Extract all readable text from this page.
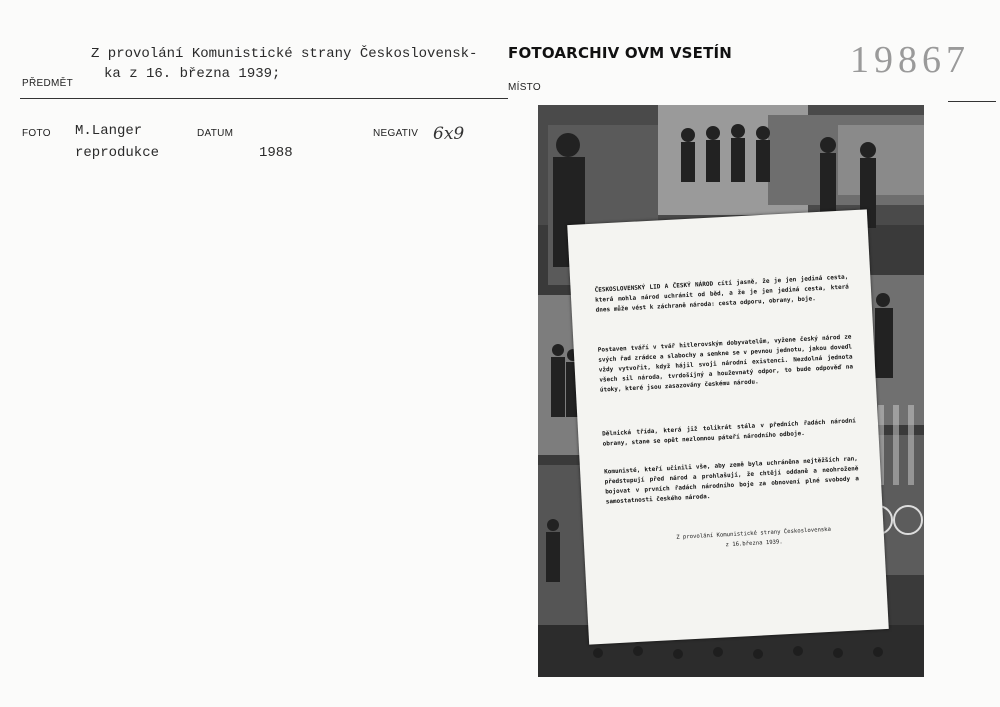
Z provolání Komunistické strany Československ-
ka z 16. března 1939;
PŘEDMĚT
FOTOARCHIV OVM VSETÍN	19867
MÍSTO
FOTO M.Langer
reprodukce
DATUM
1988
NEGATIV 6x9

ČESKOSLOVENSKÝ LID A ČESKÝ NÁROD cítí jasně, že je jen jediná cesta, která mohla národ uchránit od běd, a že je jen jediná cesta, která dnes může vést k záchraně národa: cesta odporu, obrany, boje.

Postaven tváří v tvář hitlerovským dobyvatelům, vyžene český národ ze svých řad zrádce a slabochy a semkne se v pevnou jednotu, jakou dovedl vždy vytvořit, když hájil svoji národní existenci. Nezdolná jednota všech sil národa, tvrdošíjný a houževnatý odpor, to bude odpověď na útoky, které jsou zasazovány českému národu.

Dělnická třída, která již tolikrát stála v předních řadách národní obrany, stane se opět nezlomnou páteří národního odboje.

Komunisté, kteří učinili vše, aby země byla uchráněna nejtěžších ran, předstupují před národ a prohlašují, že chtějí oddaně a neohroženě bojovat v prvních řadách národního boje za obnovení plné svobody a samostatnosti českého národa.

Z provolání Komunistické strany Československa

z 16.března 1939.
